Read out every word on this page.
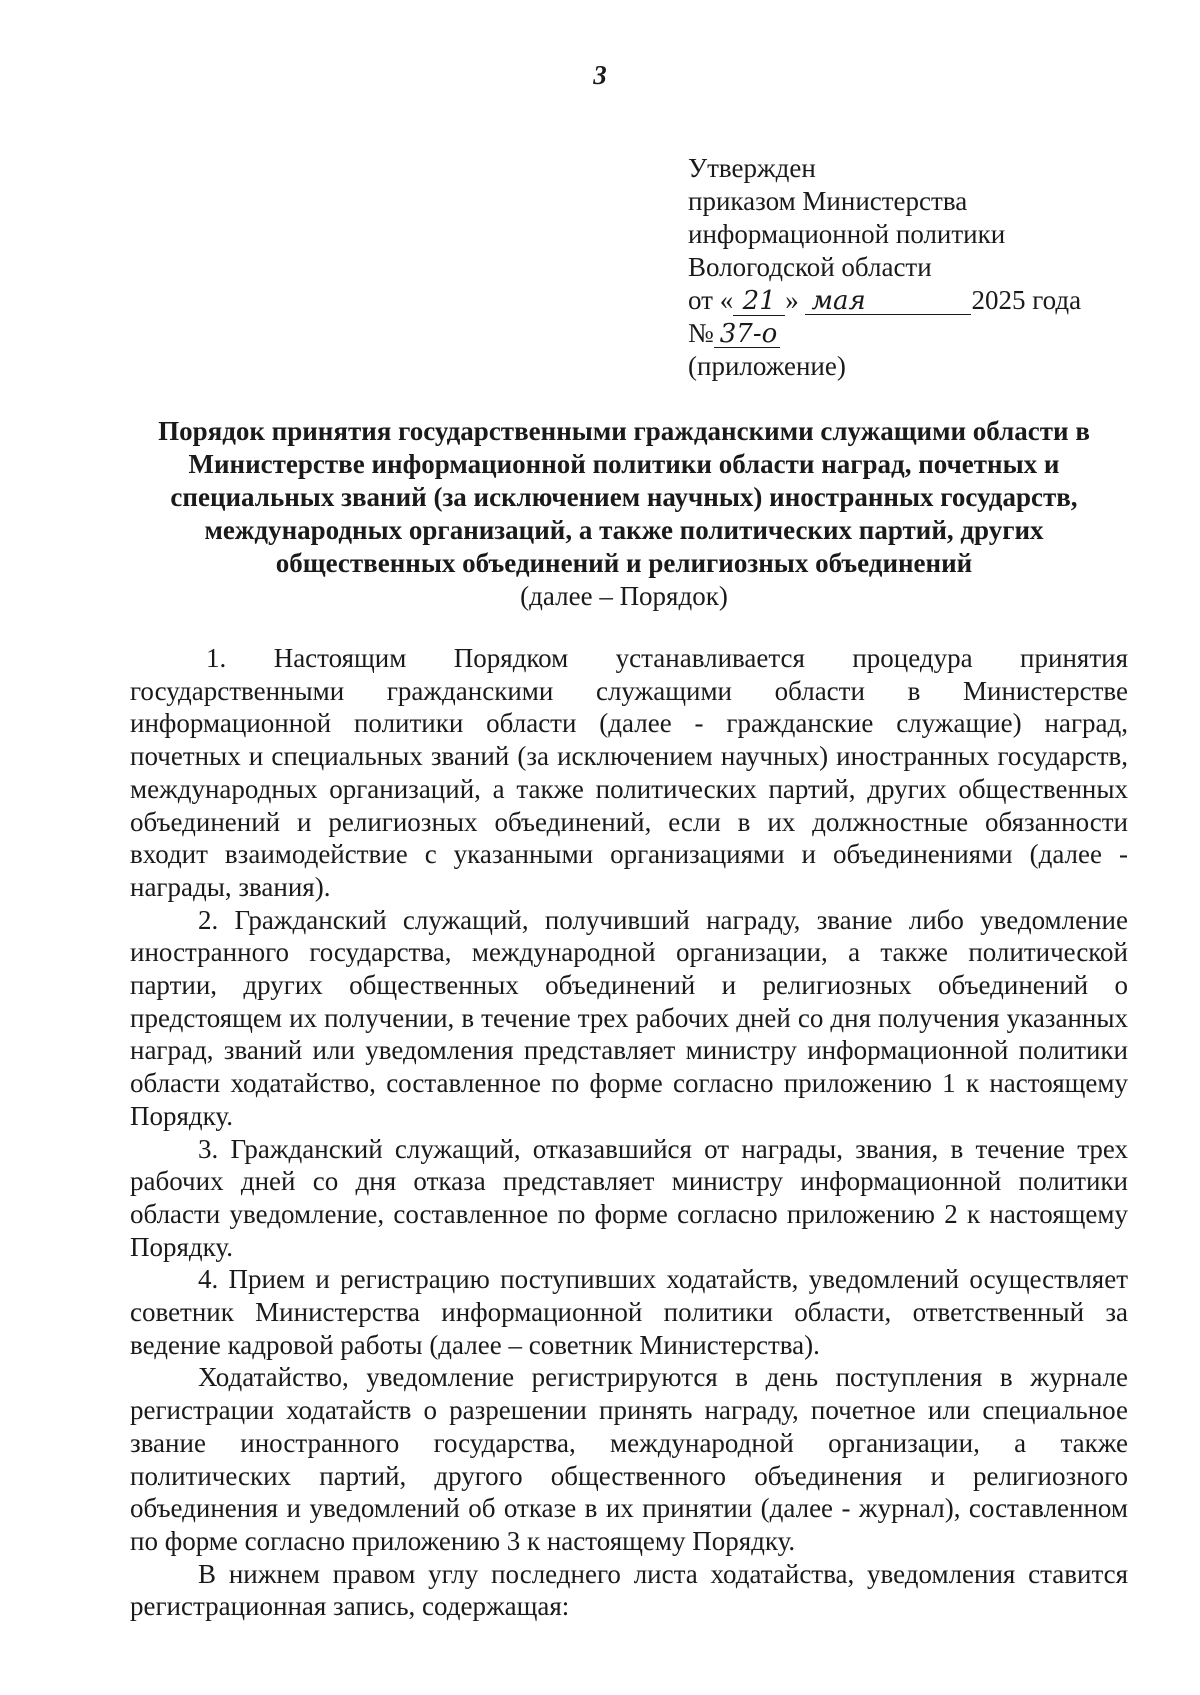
3
Утвержден
приказом Министерства
информационной политики
Вологодской области
от « 21 » мая	2025 года
№ 37-о
(приложение)
Порядок принятия государственными гражданскими служащими области в Министерстве информационной политики области наград, почетных и специальных званий (за исключением научных) иностранных государств, международных организаций, а также политических партий, других общественных объединений и религиозных объединений
(далее – Порядок)

1. Настоящим Порядком устанавливается процедура принятия государственными гражданскими служащими области в Министерстве информационной политики области (далее - гражданские служащие) наград, почетных и специальных званий (за исключением научных) иностранных государств, международных организаций, а также политических партий, других общественных объединений и религиозных объединений, если в их должностные обязанности входит взаимодействие с указанными организациями и объединениями (далее - награды, звания).

2. Гражданский служащий, получивший награду, звание либо уведомление иностранного государства, международной организации, а также политической партии, других общественных объединений и религиозных объединений о предстоящем их получении, в течение трех рабочих дней со дня получения указанных наград, званий или уведомления представляет министру информационной политики области ходатайство, составленное по форме согласно приложению 1 к настоящему Порядку.

3. Гражданский служащий, отказавшийся от награды, звания, в течение трех рабочих дней со дня отказа представляет министру информационной политики области уведомление, составленное по форме согласно приложению 2 к настоящему Порядку.

4. Прием и регистрацию поступивших ходатайств, уведомлений осуществляет советник Министерства информационной политики области, ответственный за ведение кадровой работы (далее – советник Министерства).

Ходатайство, уведомление регистрируются в день поступления в журнале регистрации ходатайств о разрешении принять награду, почетное или специальное звание иностранного государства, международной организации, а также политических партий, другого общественного объединения и религиозного объединения и уведомлений об отказе в их принятии (далее - журнал), составленном по форме согласно приложению 3 к настоящему Порядку.

В нижнем правом углу последнего листа ходатайства, уведомления ставится регистрационная запись, содержащая:
